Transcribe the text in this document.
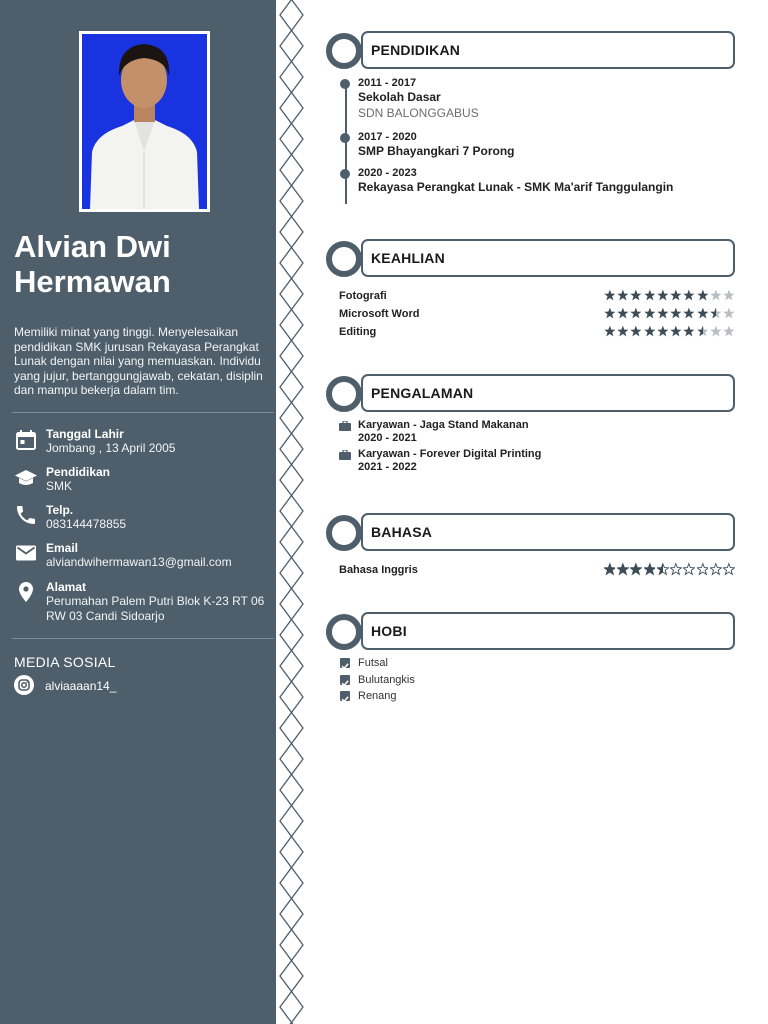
Alvian Dwi Hermawan
Memiliki minat yang tinggi. Menyelesaikan pendidikan SMK jurusan Rekayasa Perangkat Lunak dengan nilai yang memuaskan. Individu yang jujur, bertanggungjawab, cekatan, disiplin dan mampu bekerja dalam tim.
Tanggal Lahir
Jombang , 13 April 2005
Pendidikan
SMK
Telp.
083144478855
Email
alviandwihermawan13@gmail.com
Alamat
Perumahan Palem Putri Blok K-23 RT 06 RW 03 Candi Sidoarjo
MEDIA SOSIAL
alviaaaan14_
PENDIDIKAN
2011 - 2017
Sekolah Dasar
SDN BALONGGABUS
2017 - 2020
SMP Bhayangkari 7 Porong
2020 - 2023
Rekayasa Perangkat Lunak - SMK Ma'arif Tanggulangin
KEAHLIAN
Fotografi
Microsoft Word
Editing
PENGALAMAN
Karyawan - Jaga Stand Makanan
2020 - 2021
Karyawan - Forever Digital Printing
2021 - 2022
BAHASA
Bahasa Inggris
HOBI
Futsal
Bulutangkis
Renang
